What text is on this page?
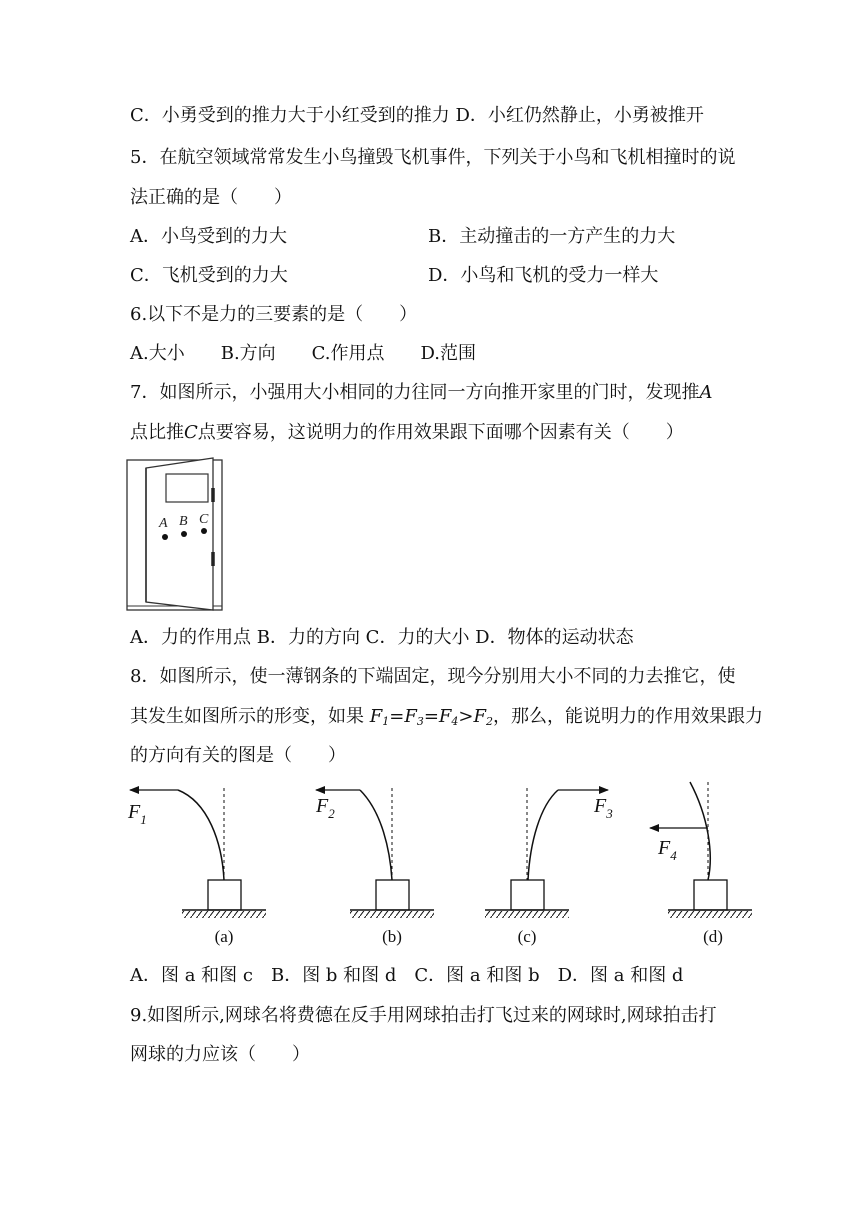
C．小勇受到的推力大于小红受到的推力 D．小红仍然静止，小勇被推开
5．在航空领域常常发生小鸟撞毁飞机事件，下列关于小鸟和飞机相撞时的说
法正确的是（　　）
A．小鸟受到的力大	B．主动撞击的一方产生的力大
C．飞机受到的力大	D．小鸟和飞机的受力一样大
6.以下不是力的三要素的是（　　）
A.大小　　B.方向　　C.作用点　　D.范围
7．如图所示，小强用大小相同的力往同一方向推开家里的门时，发现推A
点比推C点要容易，这说明力的作用效果跟下面哪个因素有关（　　）
A B C
A．力的作用点 B．力的方向 C．力的大小 D．物体的运动状态
8．如图所示，使一薄钢条的下端固定，现今分别用大小不同的力去推它，使
其发生如图所示的形变，如果 $F_1=F_3=F_4>F_2$，那么，能说明力的作用效果跟力
的方向有关的图是（　　）
$F_1$
(a)
$F_2$
(b)
$F_3$
(c)
$F_4$
(d)
A．图 a 和图 c　B．图 b 和图 d　C．图 a 和图 b　D．图 a 和图 d
9.如图所示,网球名将费德在反手用网球拍击打飞过来的网球时,网球拍击打
网球的力应该（　　）
